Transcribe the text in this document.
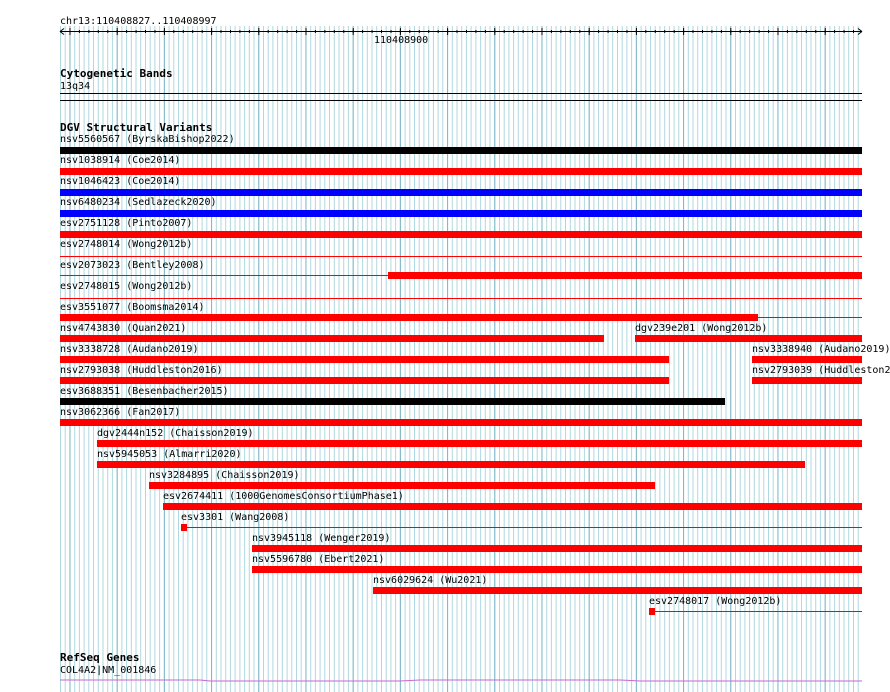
chr13:110408827..110408997
110408900
Cytogenetic Bands
13q34
DGV Structural Variants
nsv5560567 (ByrskaBishop2022)
nsv1038914 (Coe2014)
nsv1046423 (Coe2014)
nsv6480234 (Sedlazeck2020)
esv2751128 (Pinto2007)
esv2748014 (Wong2012b)
esv2073023 (Bentley2008)
esv2748015 (Wong2012b)
esv3551077 (Boomsma2014)
nsv4743830 (Quan2021)	dgv239e201 (Wong2012b)
nsv3338728 (Audano2019)	nsv3338940 (Audano2019)
nsv2793038 (Huddleston2016)	nsv2793039 (Huddleston2
esv3688351 (Besenbacher2015)
nsv3062366 (Fan2017)
dgv2444n152 (Chaisson2019)
nsv5945053 (Almarri2020)
nsv3284895 (Chaisson2019)
esv2674411 (1000GenomesConsortiumPhase1)
esv3301 (Wang2008)
nsv3945118 (Wenger2019)
nsv5596780 (Ebert2021)
nsv6029624 (Wu2021)
esv2748017 (Wong2012b)
RefSeq Genes
COL4A2|NM_001846
